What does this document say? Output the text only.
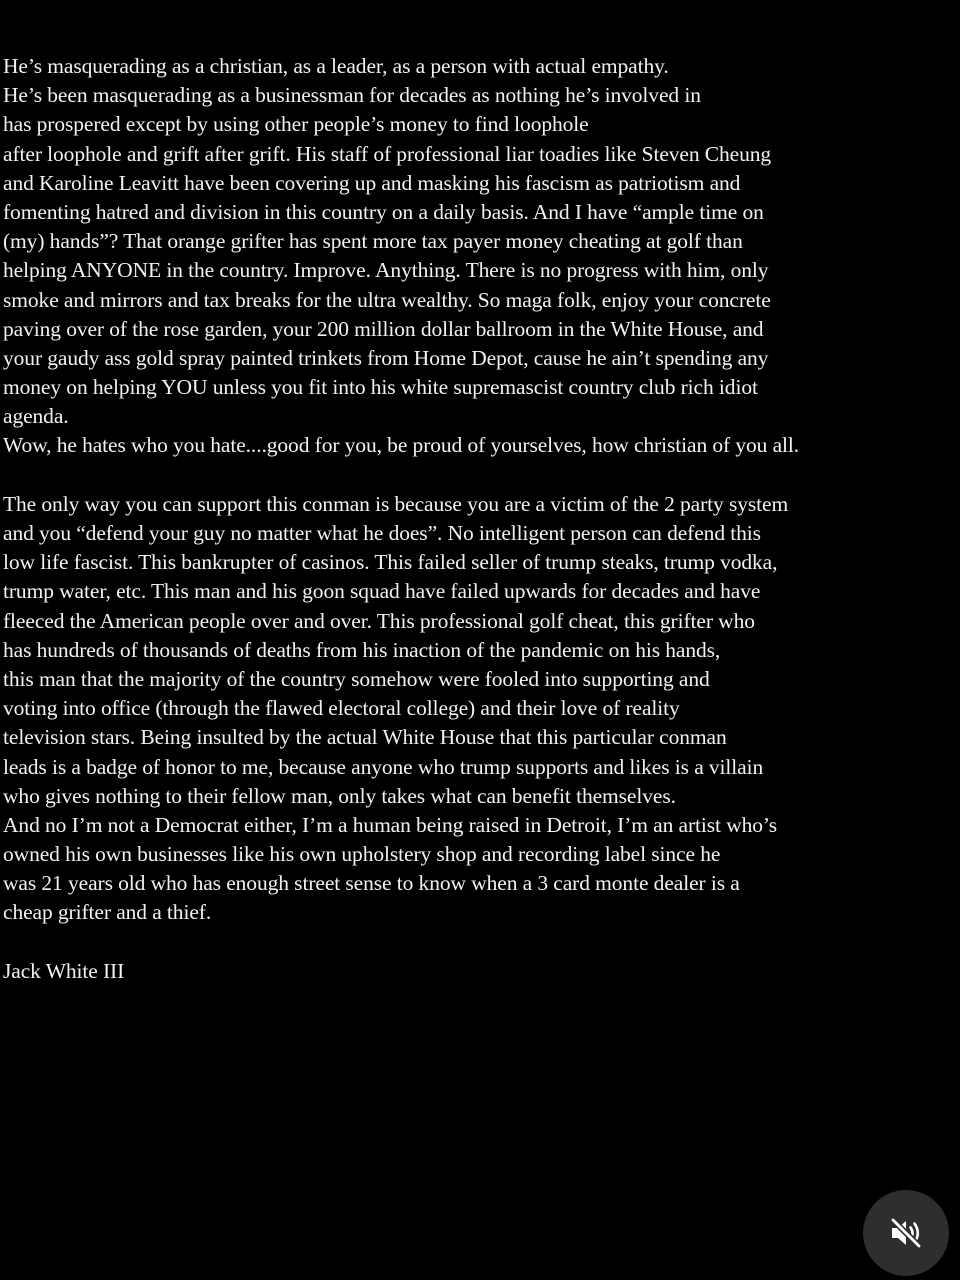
He’s masquerading as a christian, as a leader, as a person with actual empathy.
He’s been masquerading as a businessman for decades as nothing he’s involved in
has prospered except by using other people’s money to find loophole
after loophole and grift after grift. His staff of professional liar toadies like Steven Cheung
and Karoline Leavitt have been covering up and masking his fascism as patriotism and
fomenting hatred and division in this country on a daily basis. And I have “ample time on
(my) hands”? That orange grifter has spent more tax payer money cheating at golf than
helping ANYONE in the country. Improve. Anything. There is no progress with him, only
smoke and mirrors and tax breaks for the ultra wealthy. So maga folk, enjoy your concrete
paving over of the rose garden, your 200 million dollar ballroom in the White House, and
your gaudy ass gold spray painted trinkets from Home Depot, cause he ain’t spending any
money on helping YOU unless you fit into his white supremascist country club rich idiot
agenda.
Wow, he hates who you hate....good for you, be proud of yourselves, how christian of you all.
The only way you can support this conman is because you are a victim of the 2 party system
and you “defend your guy no matter what he does”. No intelligent person can defend this
low life fascist. This bankrupter of casinos. This failed seller of trump steaks, trump vodka,
trump water, etc. This man and his goon squad have failed upwards for decades and have
fleeced the American people over and over. This professional golf cheat, this grifter who
has hundreds of thousands of deaths from his inaction of the pandemic on his hands,
this man that the majority of the country somehow were fooled into supporting and
voting into office (through the flawed electoral college) and their love of reality
television stars. Being insulted by the actual White House that this particular conman
leads is a badge of honor to me, because anyone who trump supports and likes is a villain
who gives nothing to their fellow man, only takes what can benefit themselves.
And no I’m not a Democrat either, I’m a human being raised in Detroit, I’m an artist who’s
owned his own businesses like his own upholstery shop and recording label since he
was 21 years old who has enough street sense to know when a 3 card monte dealer is a
cheap grifter and a thief.
Jack White III
